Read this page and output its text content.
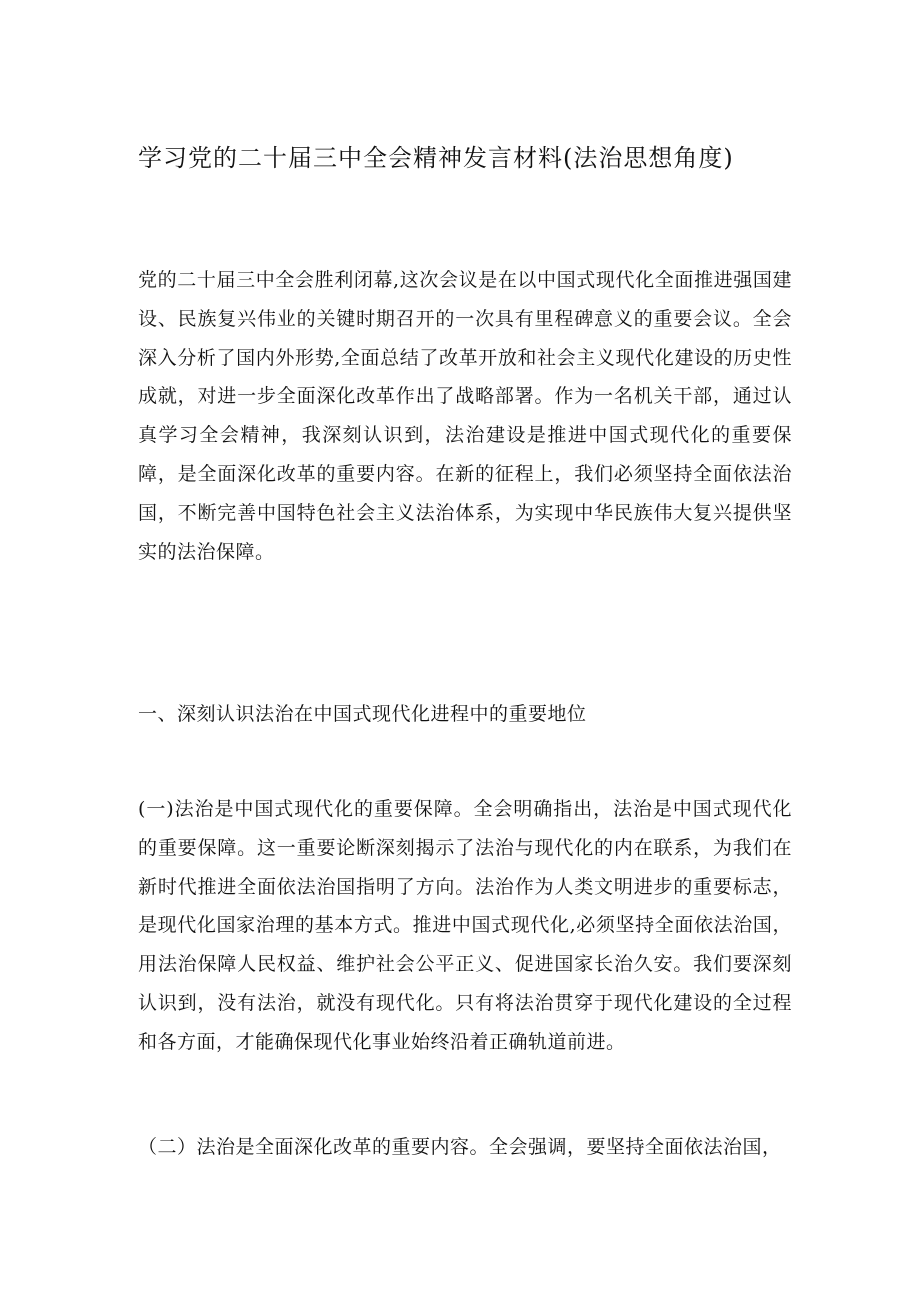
学习党的二十届三中全会精神发言材料(法治思想角度)

党的二十届三中全会胜利闭幕,这次会议是在以中国式现代化全面推进强国建设、民族复兴伟业的关键时期召开的一次具有里程碑意义的重要会议。全会深入分析了国内外形势,全面总结了改革开放和社会主义现代化建设的历史性成就，对进一步全面深化改革作出了战略部署。作为一名机关干部，通过认真学习全会精神，我深刻认识到，法治建设是推进中国式现代化的重要保障，是全面深化改革的重要内容。在新的征程上，我们必须坚持全面依法治国，不断完善中国特色社会主义法治体系，为实现中华民族伟大复兴提供坚实的法治保障。

一、深刻认识法治在中国式现代化进程中的重要地位

(一)法治是中国式现代化的重要保障。全会明确指出，法治是中国式现代化的重要保障。这一重要论断深刻揭示了法治与现代化的内在联系，为我们在新时代推进全面依法治国指明了方向。法治作为人类文明进步的重要标志，是现代化国家治理的基本方式。推进中国式现代化,必须坚持全面依法治国，用法治保障人民权益、维护社会公平正义、促进国家长治久安。我们要深刻认识到，没有法治，就没有现代化。只有将法治贯穿于现代化建设的全过程和各方面，才能确保现代化事业始终沿着正确轨道前进。

（二）法治是全面深化改革的重要内容。全会强调，要坚持全面依法治国，
